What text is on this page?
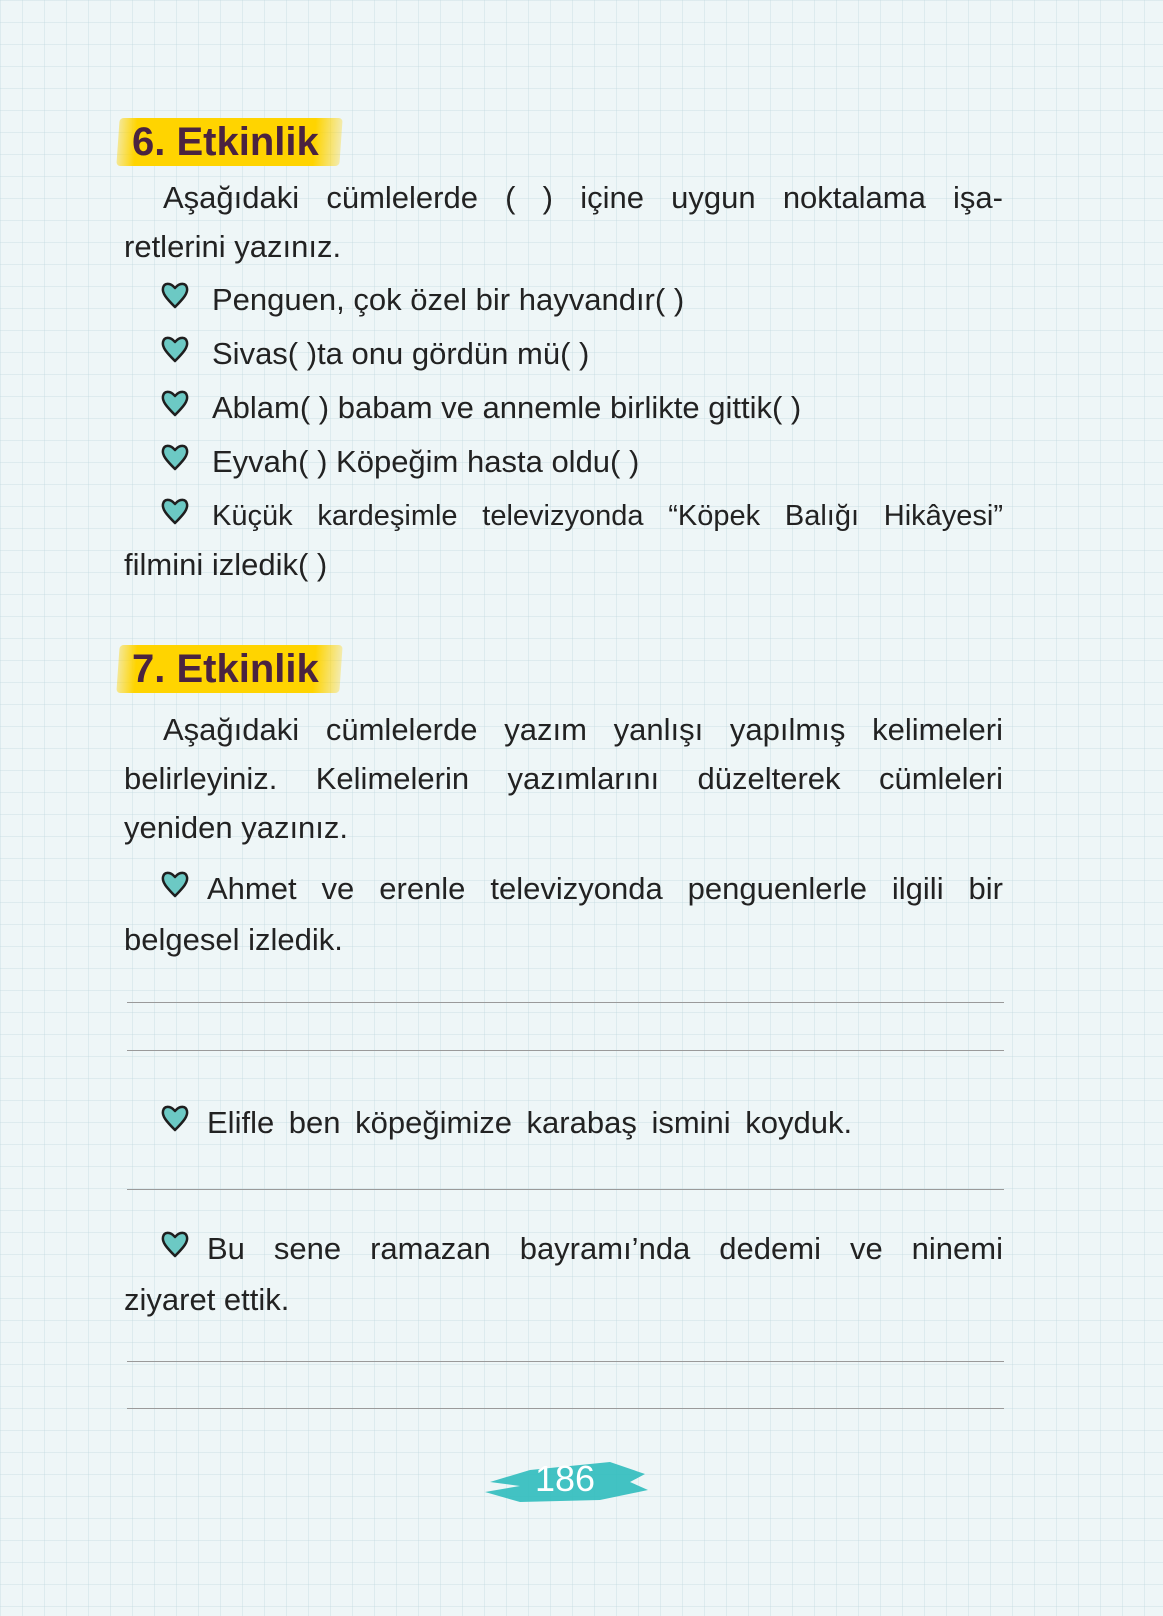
6. Etkinlik
Aşağıdaki cümlelerde ( ) içine uygun noktalama işa-
retlerini yazınız.
Penguen, çok özel bir hayvandır( )
Sivas( )ta onu gördün mü( )
Ablam( ) babam ve annemle birlikte gittik( )
Eyvah( ) Köpeğim hasta oldu( )
Küçük kardeşimle televizyonda “Köpek Balığı Hikâyesi”
filmini izledik( )
7. Etkinlik
Aşağıdaki cümlelerde yazım yanlışı yapılmış kelimeleri
belirleyiniz. Kelimelerin yazımlarını düzelterek cümleleri
yeniden yazınız.
Ahmet ve erenle televizyonda penguenlerle ilgili bir
belgesel izledik.
Elifle ben köpeğimize karabaş ismini koyduk.
Bu sene ramazan bayramı’nda dedemi ve ninemi
ziyaret ettik.
186
